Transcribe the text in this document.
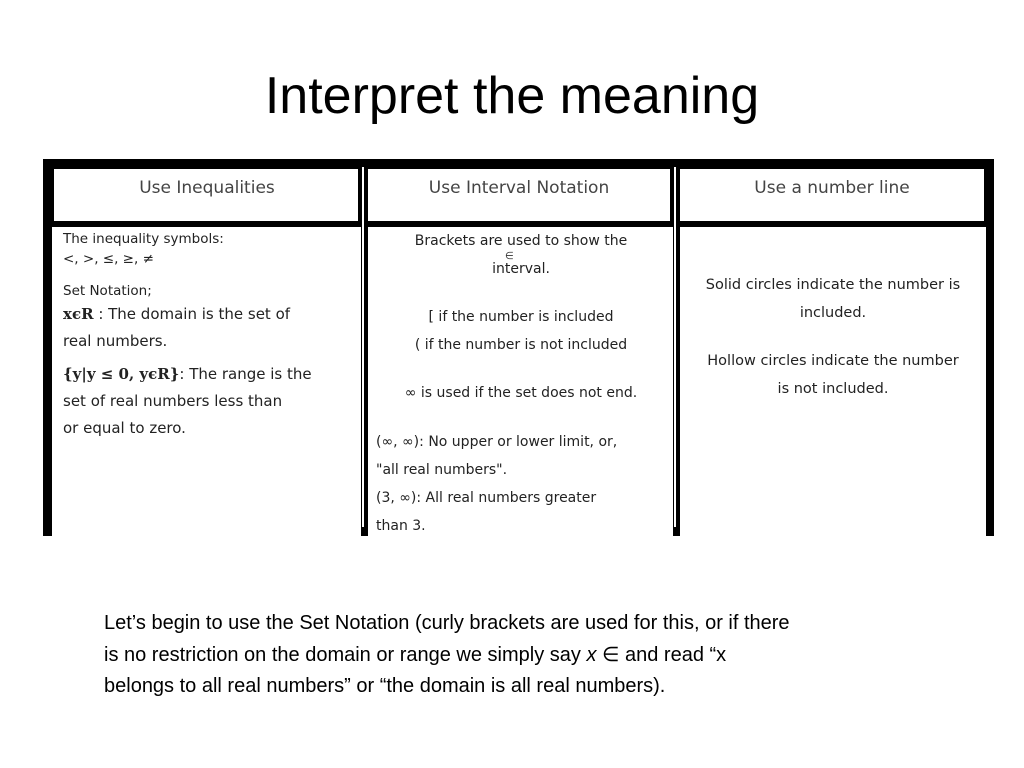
Interpret the meaning
Use Inequalities	Use Interval Notation	Use a number line
The inequality symbols:
<, >, ≤, ≥, ≠
Set Notation;
xϵR : The domain is the set of
real numbers.
{y|y ≤ 0, yϵR}: The range is the
set of real numbers less than
or equal to zero.
Brackets are used to show the
interval.
[ if the number is included
( if the number is not included
∞ is used if the set does not end.
(∞, ∞): No upper or lower limit, or,
"all real numbers".
(3, ∞): All real numbers greater
than 3.
∈
Solid circles indicate the number is
included.
Hollow circles indicate the number
is not included.
Let’s begin to use the Set Notation (curly brackets are used for this, or if there
is no restriction on the domain or range we simply say x ∈ and read “x
belongs to all real numbers” or “the domain is all real numbers).
